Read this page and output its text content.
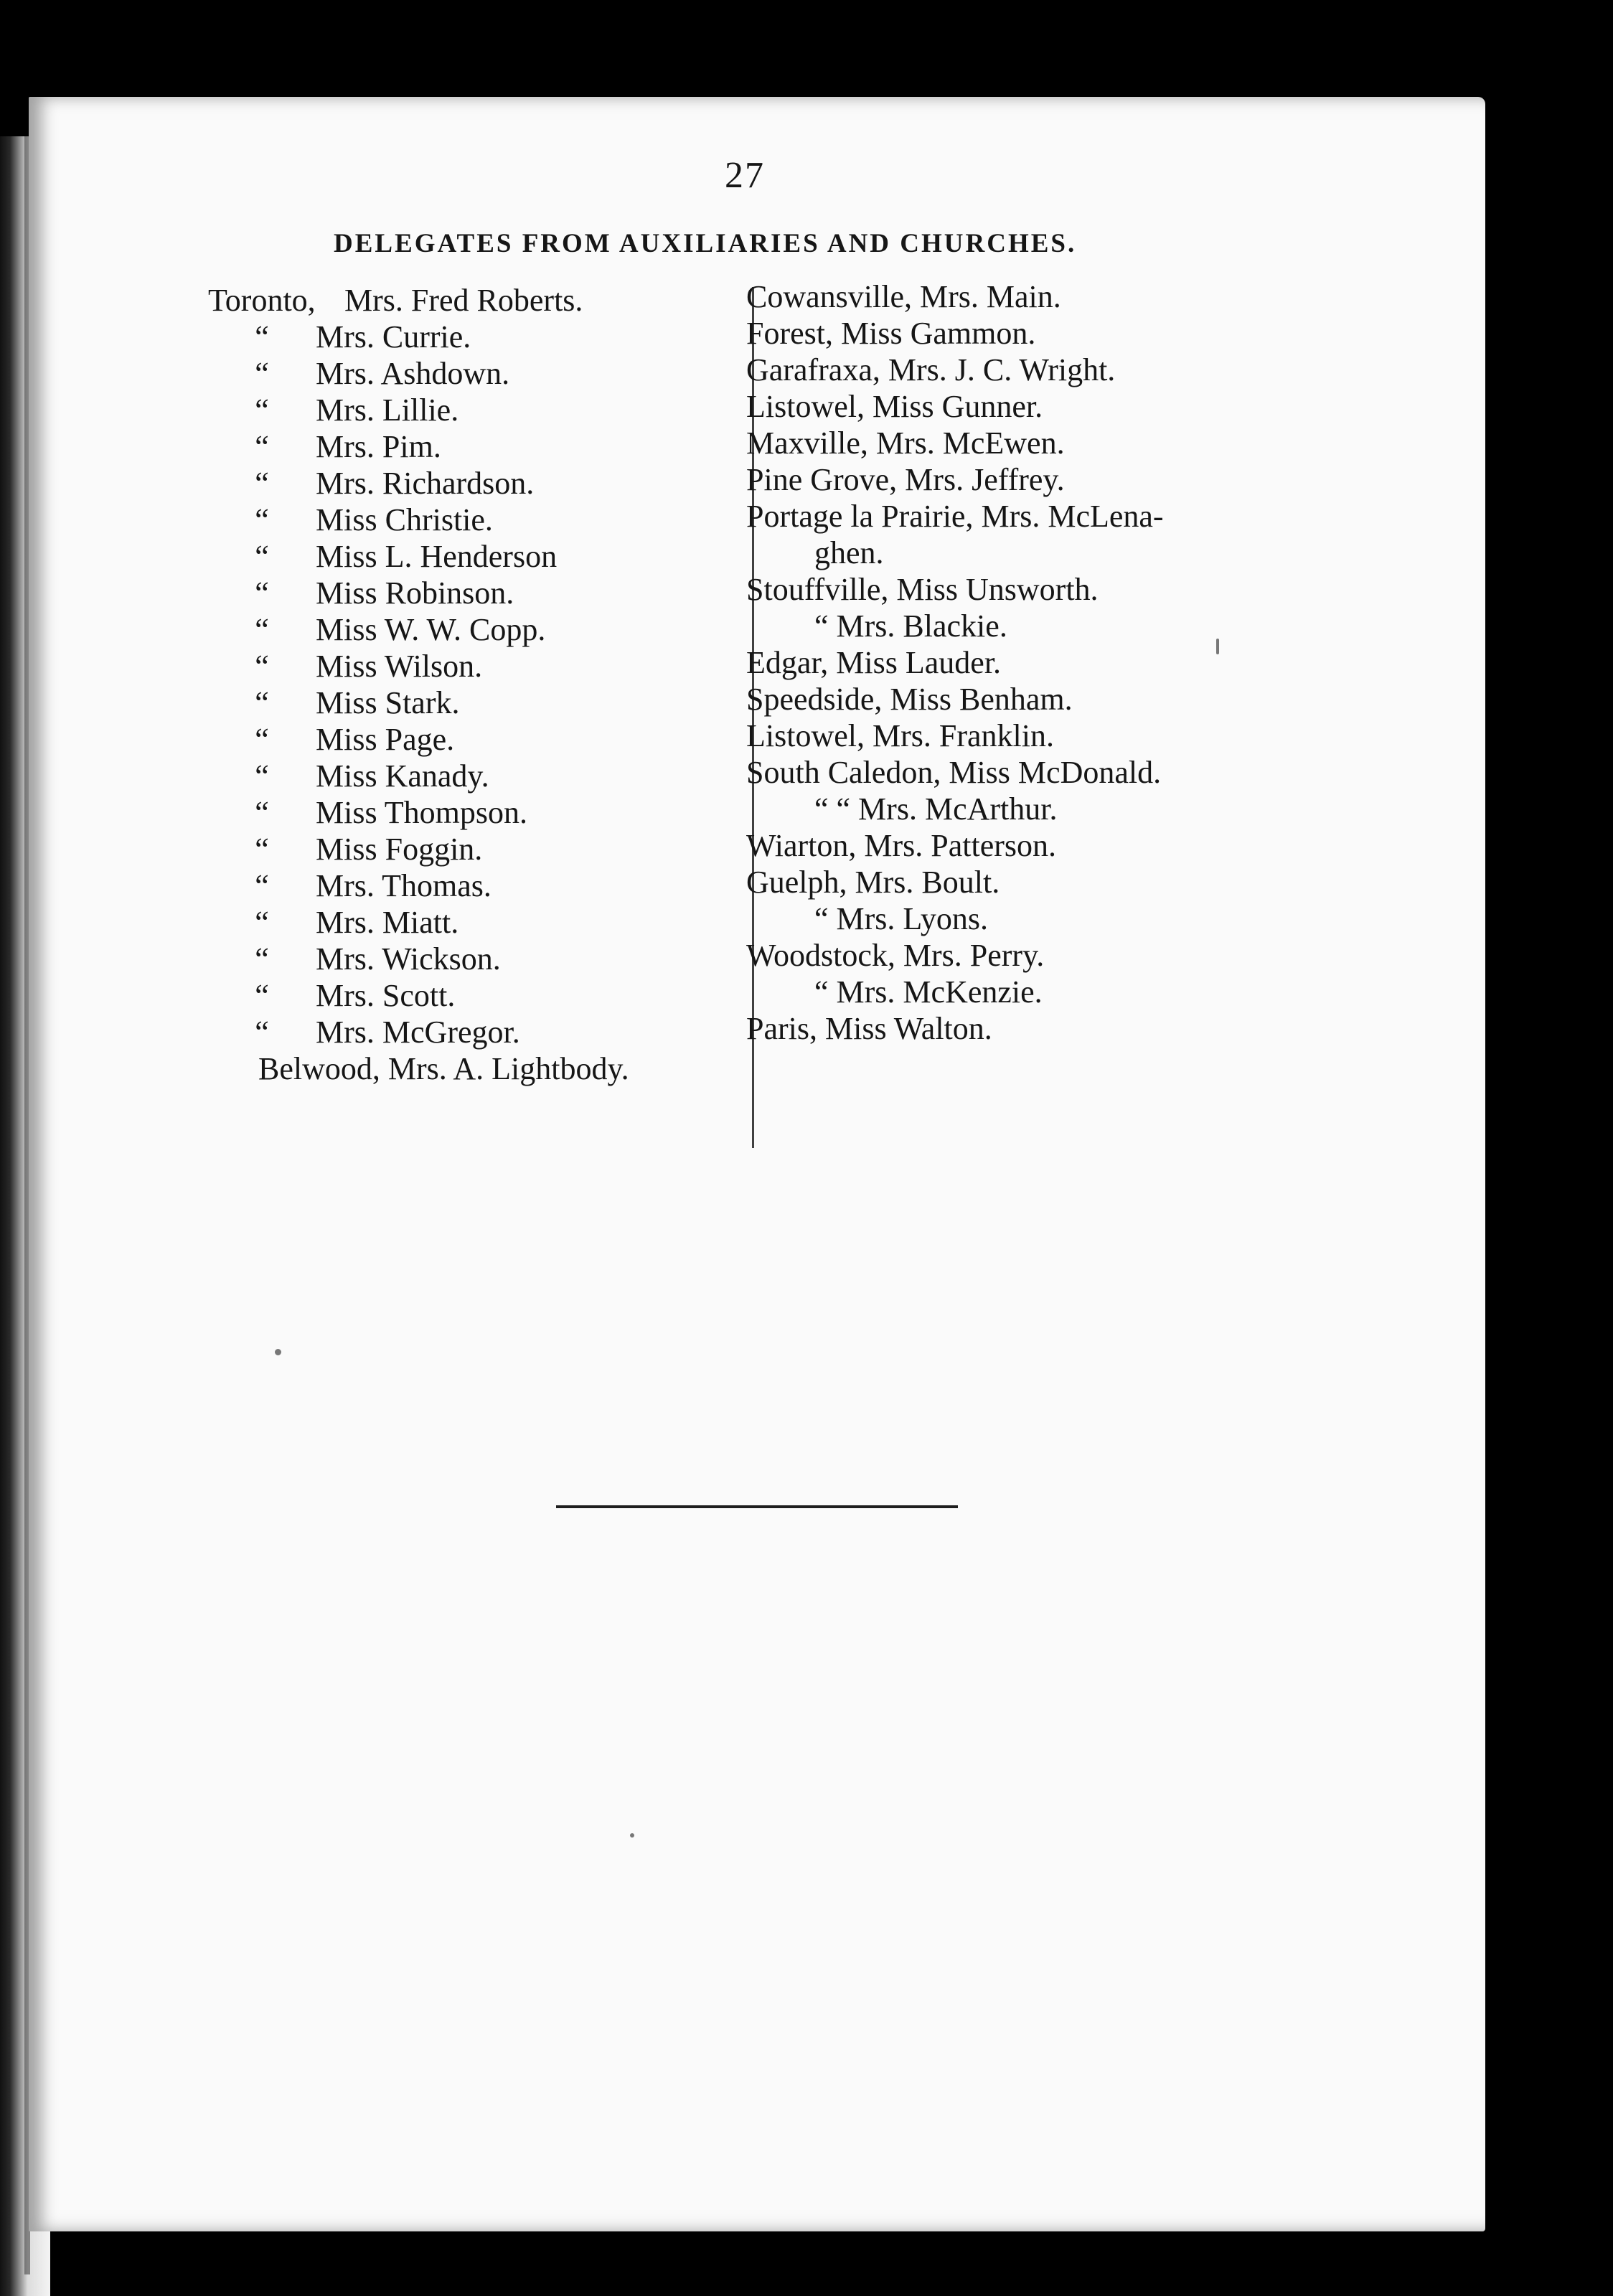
27
DELEGATES FROM AUXILIARIES AND CHURCHES.
Toronto, Mrs. Fred Roberts.
“ Mrs. Currie.
“ Mrs. Ashdown.
“ Mrs. Lillie.
“ Mrs. Pim.
“ Mrs. Richardson.
“ Miss Christie.
“ Miss L. Henderson
“ Miss Robinson.
“ Miss W. W. Copp.
“ Miss Wilson.
“ Miss Stark.
“ Miss Page.
“ Miss Kanady.
“ Miss Thompson.
“ Miss Foggin.
“ Mrs. Thomas.
“ Mrs. Miatt.
“ Mrs. Wickson.
“ Mrs. Scott.
“ Mrs. McGregor.
Belwood, Mrs. A. Lightbody.
Cowansville, Mrs. Main.
Forest, Miss Gammon.
Garafraxa, Mrs. J. C. Wright.
Listowel, Miss Gunner.
Maxville, Mrs. McEwen.
Pine Grove, Mrs. Jeffrey.
Portage la Prairie, Mrs. McLena-
ghen.
Stouffville, Miss Unsworth.
“ Mrs. Blackie.
Edgar, Miss Lauder.
Speedside, Miss Benham.
Listowel, Mrs. Franklin.
South Caledon, Miss McDonald.
“ “ Mrs. McArthur.
Wiarton, Mrs. Patterson.
Guelph, Mrs. Boult.
“ Mrs. Lyons.
Woodstock, Mrs. Perry.
“ Mrs. McKenzie.
Paris, Miss Walton.
